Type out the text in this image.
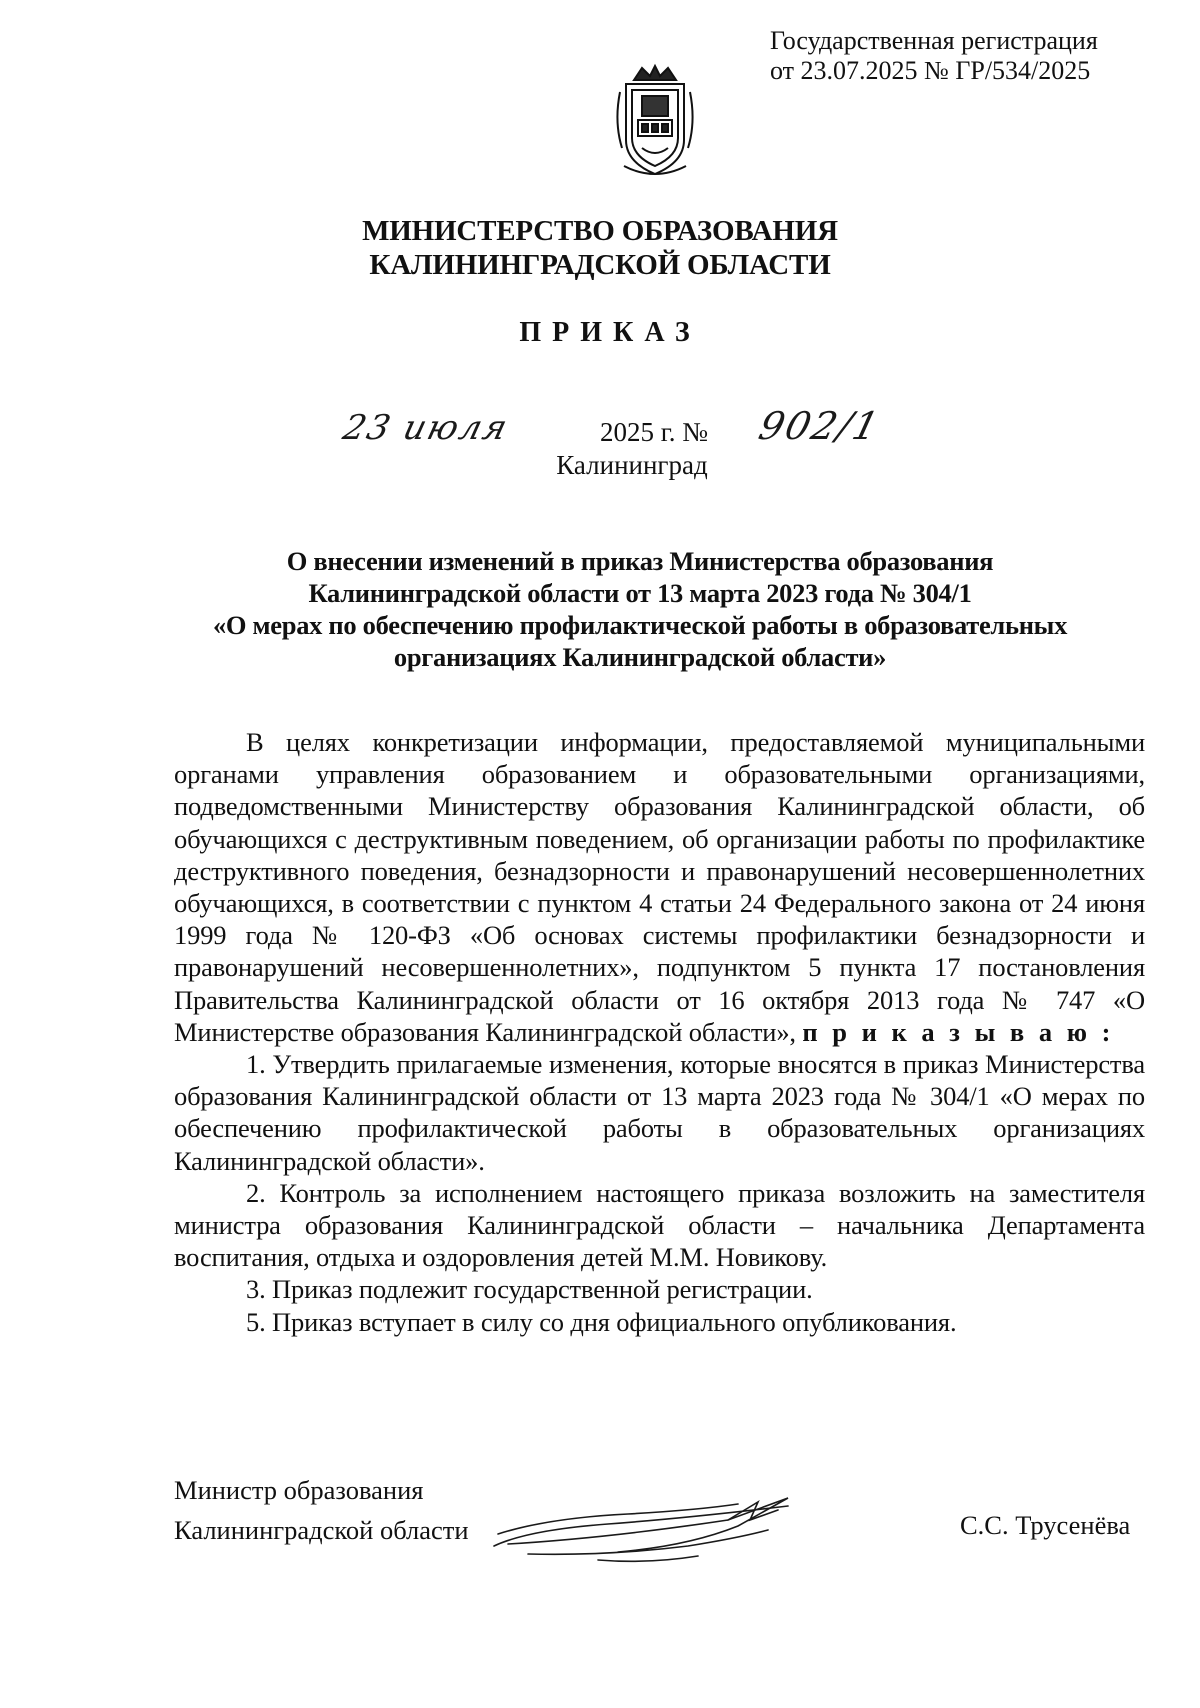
Государственная регистрация
от 23.07.2025 № ГР/534/2025
МИНИСТЕРСТВО ОБРАЗОВАНИЯ
КАЛИНИНГРАДСКОЙ ОБЛАСТИ
ПРИКАЗ
23 июля	2025 г. № 902/1
Калининград
О внесении изменений в приказ Министерства образования
Калининградской области от 13 марта 2023 года № 304/1
«О мерах по обеспечению профилактической работы в образовательных
организациях Калининградской области»

В целях конкретизации информации, предоставляемой муниципальными органами управления образованием и образовательными организациями, подведомственными Министерству образования Калининградской области, об обучающихся с деструктивным поведением, об организации работы по профилактике деструктивного поведения, безнадзорности и правонарушений несовершеннолетних обучающихся, в соответствии с пунктом 4 статьи 24 Федерального закона от 24 июня 1999 года № 120-ФЗ «Об основах системы профилактики безнадзорности и правонарушений несовершеннолетних», подпунктом 5 пункта 17 постановления Правительства Калининградской области от 16 октября 2013 года № 747 «О Министерстве образования Калининградской области», п р и к а з ы в а ю :

1. Утвердить прилагаемые изменения, которые вносятся в приказ Министерства образования Калининградской области от 13 марта 2023 года № 304/1 «О мерах по обеспечению профилактической работы в образовательных организациях Калининградской области».

2. Контроль за исполнением настоящего приказа возложить на заместителя министра образования Калининградской области – начальника Департамента воспитания, отдыха и оздоровления детей М.М. Новикову.

3. Приказ подлежит государственной регистрации.

5. Приказ вступает в силу со дня официального опубликования.

Министр образования
Калининградской области	С.С. Трусенёва
